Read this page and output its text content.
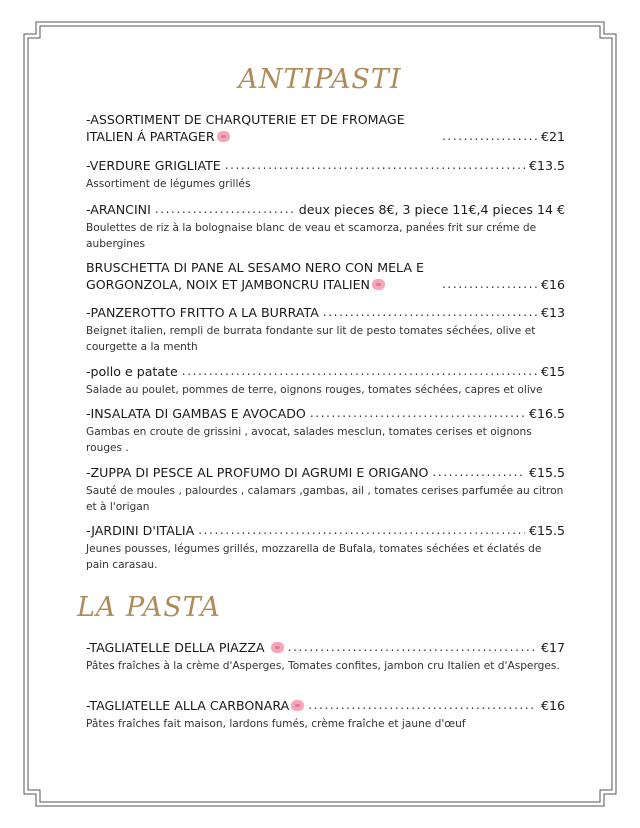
ANTIPASTI
-ASSORTIMENT DE CHARQUTERIE ET DE FROMAGE ITALIEN Á PARTAGER .....	€21
-VERDURE GRIGLIATE .....	€13.5
Assortiment de légumes grillés
-ARANCINI .....	deux pieces 8€, 3 piece 11€,4 pieces 14 €
Boulettes de riz à la bolognaise blanc de veau et scamorza, panées frit sur créme de aubergines
BRUSCHETTA DI PANE AL SESAMO NERO CON MELA E GORGONZOLA, NOIX ET JAMBONCRU ITALIEN .....	€16
-PANZEROTTO FRITTO A LA BURRATA .....	€13
Beignet italien, rempli de burrata fondante sur lit de pesto tomates séchées, olive et courgette a la menth
-pollo e patate .....	€15
Salade au poulet, pommes de terre, oignons rouges, tomates séchées, capres et olive
-INSALATA DI GAMBAS E AVOCADO .....	€16.5
Gambas en croute de grissini , avocat, salades mesclun, tomates cerises et oignons rouges .
-ZUPPA DI PESCE AL PROFUMO DI AGRUMI E ORIGANO .....	€15.5
Sauté de moules , palourdes , calamars ,gambas, ail , tomates cerises parfumée au citron et à l'origan
-JARDINI D'ITALIA .....	€15.5
Jeunes pousses, légumes grillés, mozzarella de Bufala, tomates séchées et éclatés de pain carasau.
LA PASTA
-TAGLIATELLE DELLA PIAZZA .....	€17
Pâtes fraîches à la crème d'Asperges, Tomates confites, jambon cru Italien et d'Asperges.
-TAGLIATELLE ALLA CARBONARA .....	€16
Pâtes fraîches fait maison, lardons fumés, crème fraîche et jaune d'œuf
